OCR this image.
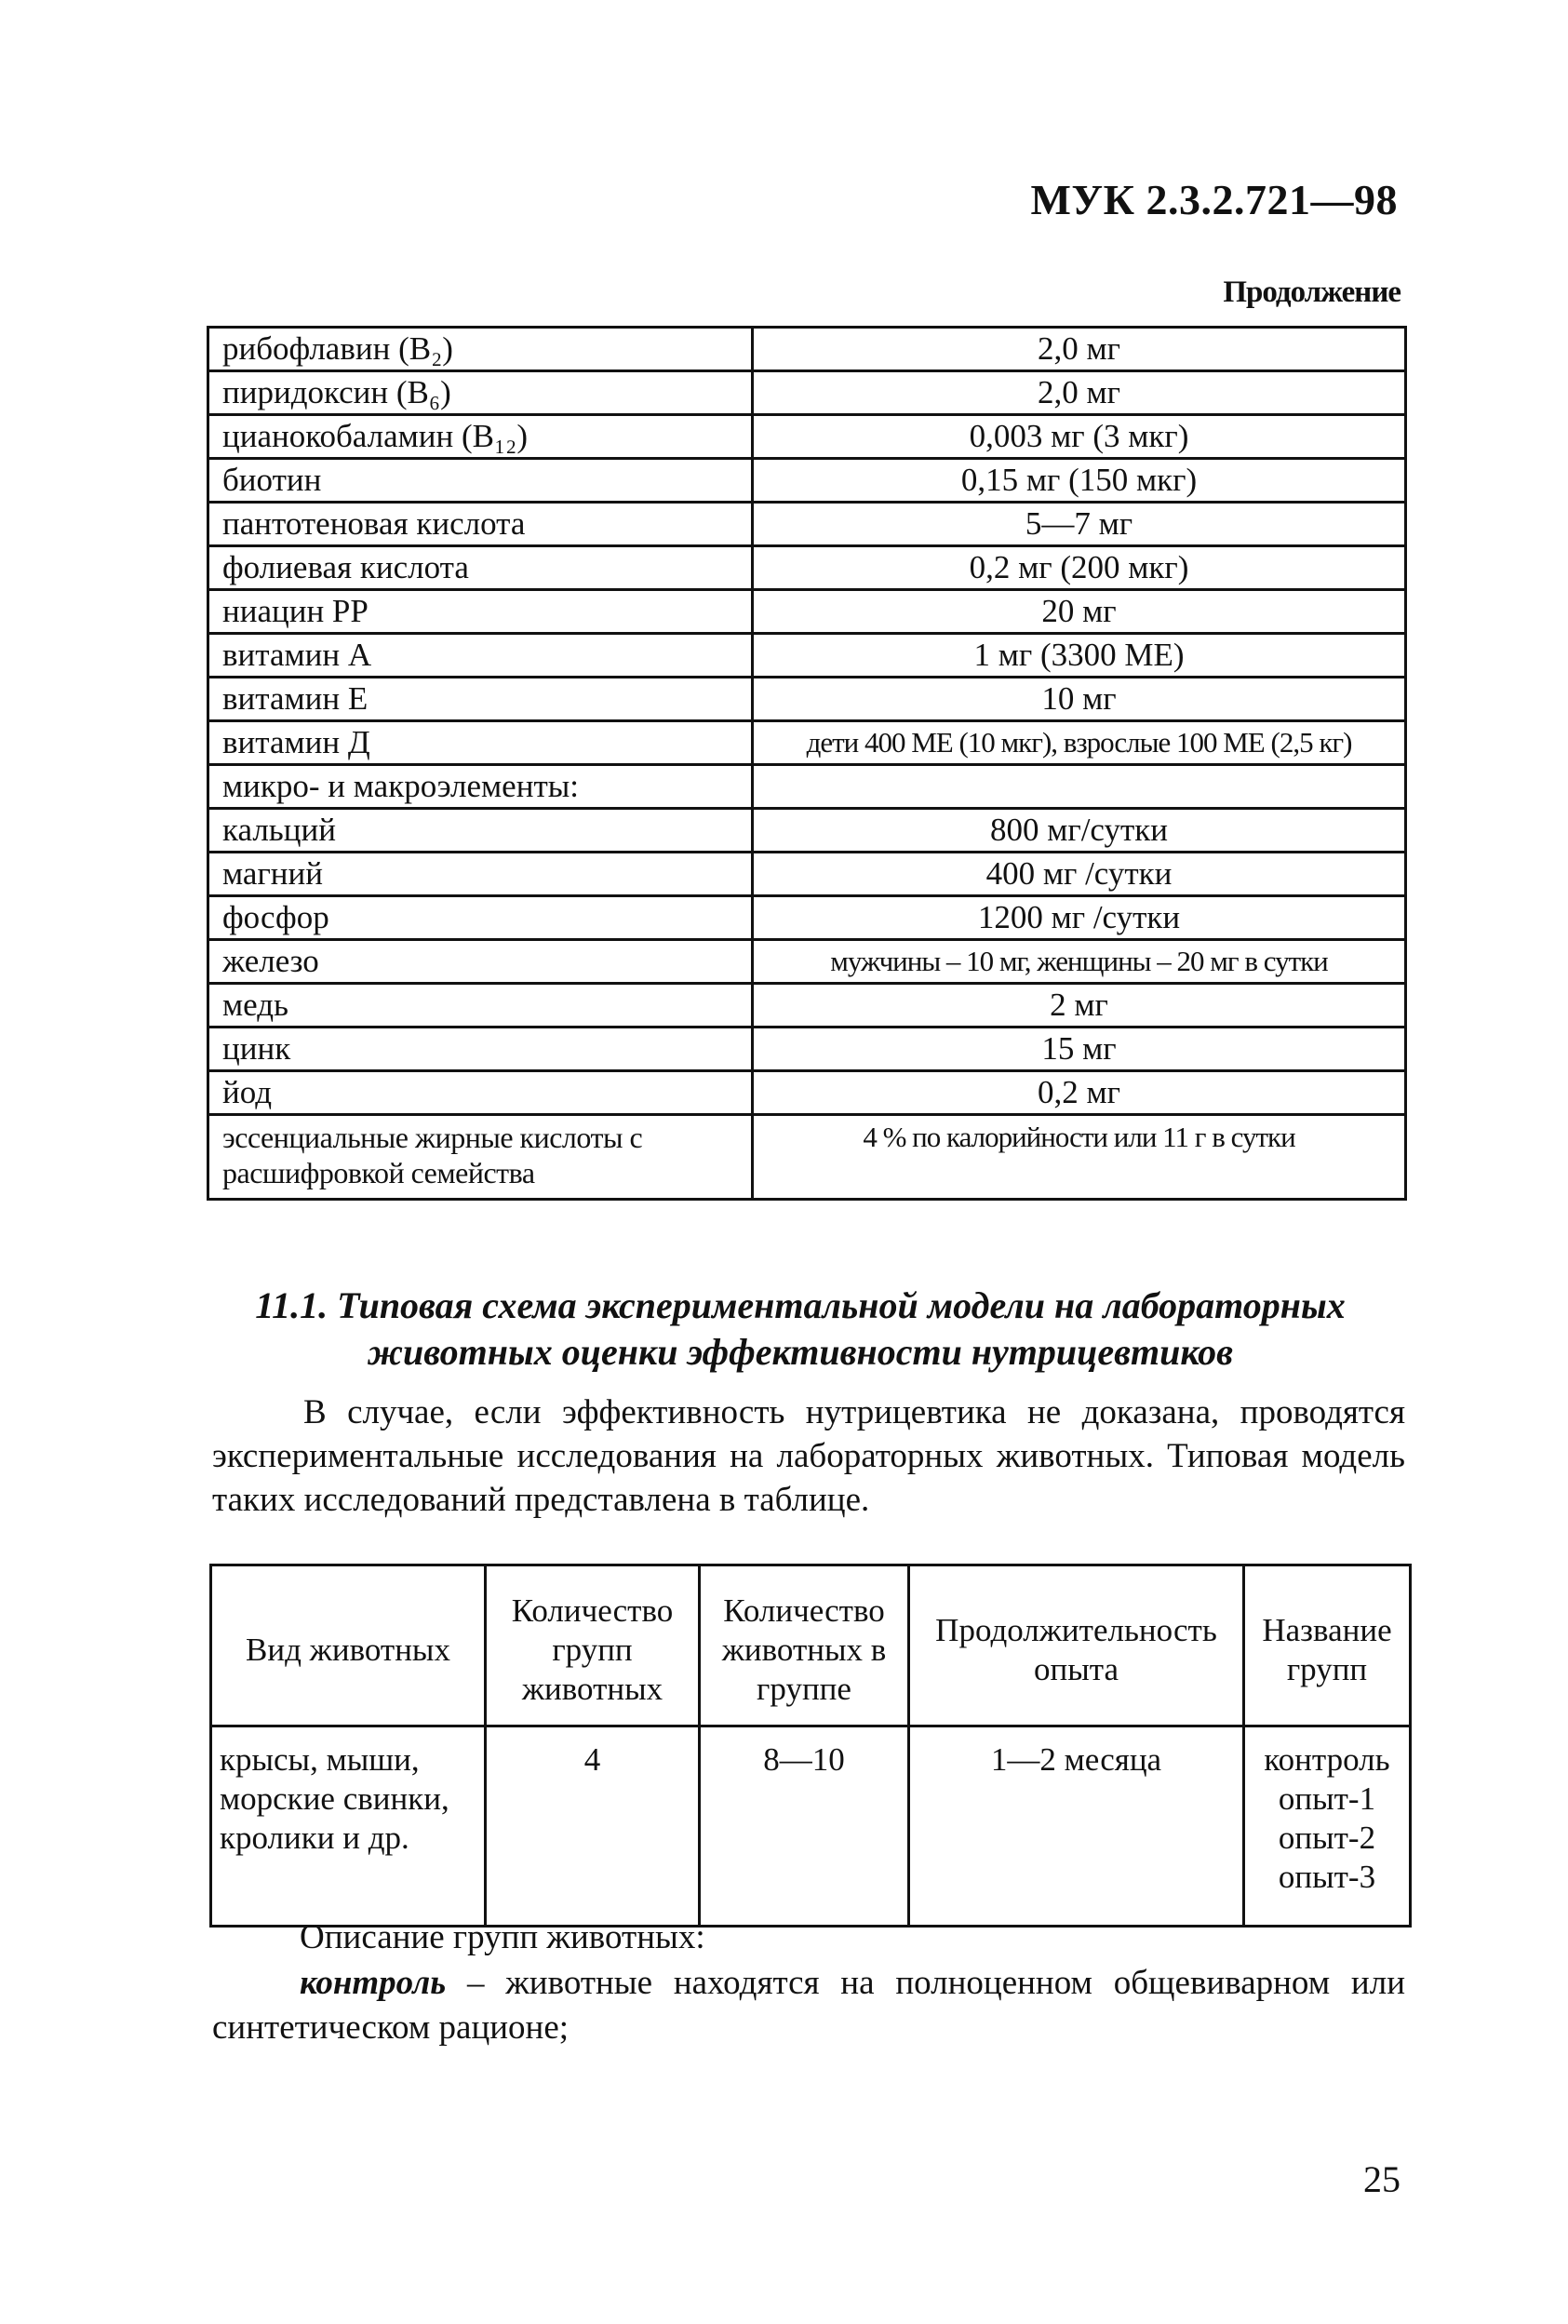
МУК 2.3.2.721—98
Продолжение
рибофлавин (В₂)	2,0 мг
пиридоксин (В₆)	2,0 мг
цианокобаламин (В₁₂)	0,003 мг (3 мкг)
биотин	0,15 мг (150 мкг)
пантотеновая кислота	5—7 мг
фолиевая кислота	0,2 мг (200 мкг)
ниацин РР	20 мг
витамин А	1 мг (3300 МЕ)
витамин Е	10 мг
витамин Д	дети 400 МЕ (10 мкг), взрослые 100 МЕ (2,5 кг)
микро- и макроэлементы:	
кальций	800 мг/сутки
магний	400 мг /сутки
фосфор	1200 мг /сутки
железо	мужчины – 10 мг, женщины – 20 мг в сутки
медь	2 мг
цинк	15 мг
йод	0,2 мг
эссенциальные жирные кислоты с расшифровкой семейства	4 % по калорийности или 11 г в сутки
11.1. Типовая схема экспериментальной модели на лабораторных животных оценки эффективности нутрицевтиков
В случае, если эффективность нутрицевтика не доказана, проводятся экспериментальные исследования на лабораторных животных. Типовая модель таких исследований представлена в таблице.
Вид животных	Количество групп животных	Количество животных в группе	Продолжительность опыта	Название групп
крысы, мыши, морские свинки, кролики и др.	4	8—10	1—2 месяца	контроль
опыт-1
опыт-2
опыт-3
Описание групп животных:
контроль – животные находятся на полноценном общевиварном или синтетическом рационе;
25
